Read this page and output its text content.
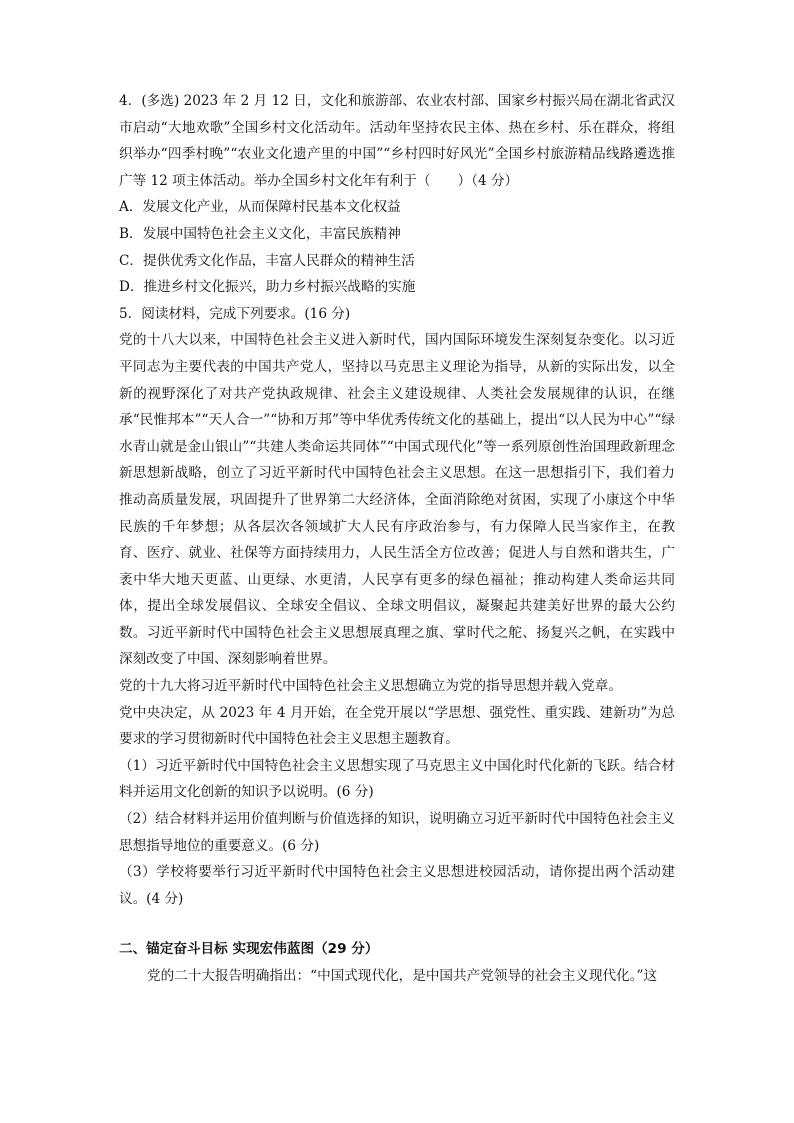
4．(多选) 2023 年 2 月 12 日，文化和旅游部、农业农村部、国家乡村振兴局在湖北省武汉市启动“大地欢歌”全国乡村文化活动年。活动年坚持农民主体、热在乡村、乐在群众，将组织举办“四季村晚”“农业文化遗产里的中国”“乡村四时好风光”全国乡村旅游精品线路遴选推广等 12 项主体活动。举办全国乡村文化年有利于（　　）（4 分）

A．发展文化产业，从而保障村民基本文化权益

B．发展中国特色社会主义文化，丰富民族精神

C．提供优秀文化作品，丰富人民群众的精神生活

D．推进乡村文化振兴，助力乡村振兴战略的实施

5．阅读材料，完成下列要求。(16 分)

党的十八大以来，中国特色社会主义进入新时代，国内国际环境发生深刻复杂变化。以习近平同志为主要代表的中国共产党人，坚持以马克思主义理论为指导，从新的实际出发，以全新的视野深化了对共产党执政规律、社会主义建设规律、人类社会发展规律的认识，在继承“民惟邦本”“天人合一”“协和万邦”等中华优秀传统文化的基础上，提出“以人民为中心”“绿水青山就是金山银山”“共建人类命运共同体”“中国式现代化”等一系列原创性治国理政新理念新思想新战略，创立了习近平新时代中国特色社会主义思想。在这一思想指引下，我们着力推动高质量发展，巩固提升了世界第二大经济体，全面消除绝对贫困，实现了小康这个中华民族的千年梦想；从各层次各领域扩大人民有序政治参与，有力保障人民当家作主，在教育、医疗、就业、社保等方面持续用力，人民生活全方位改善；促进人与自然和谐共生，广袤中华大地天更蓝、山更绿、水更清，人民享有更多的绿色福祉；推动构建人类命运共同体，提出全球发展倡议、全球安全倡议、全球文明倡议，凝聚起共建美好世界的最大公约数。习近平新时代中国特色社会主义思想展真理之旗、掌时代之舵、扬复兴之帆，在实践中深刻改变了中国、深刻影响着世界。

党的十九大将习近平新时代中国特色社会主义思想确立为党的指导思想并载入党章。

党中央决定，从 2023 年 4 月开始，在全党开展以“学思想、强党性、重实践、建新功”为总要求的学习贯彻新时代中国特色社会主义思想主题教育。

（1）习近平新时代中国特色社会主义思想实现了马克思主义中国化时代化新的飞跃。结合材料并运用文化创新的知识予以说明。(6 分)

（2）结合材料并运用价值判断与价值选择的知识，说明确立习近平新时代中国特色社会主义思想指导地位的重要意义。(6 分)

（3）学校将要举行习近平新时代中国特色社会主义思想进校园活动，请你提出两个活动建议。(4 分)

二、锚定奋斗目标 实现宏伟蓝图（29 分）

党的二十大报告明确指出：“中国式现代化，是中国共产党领导的社会主义现代化。”这
